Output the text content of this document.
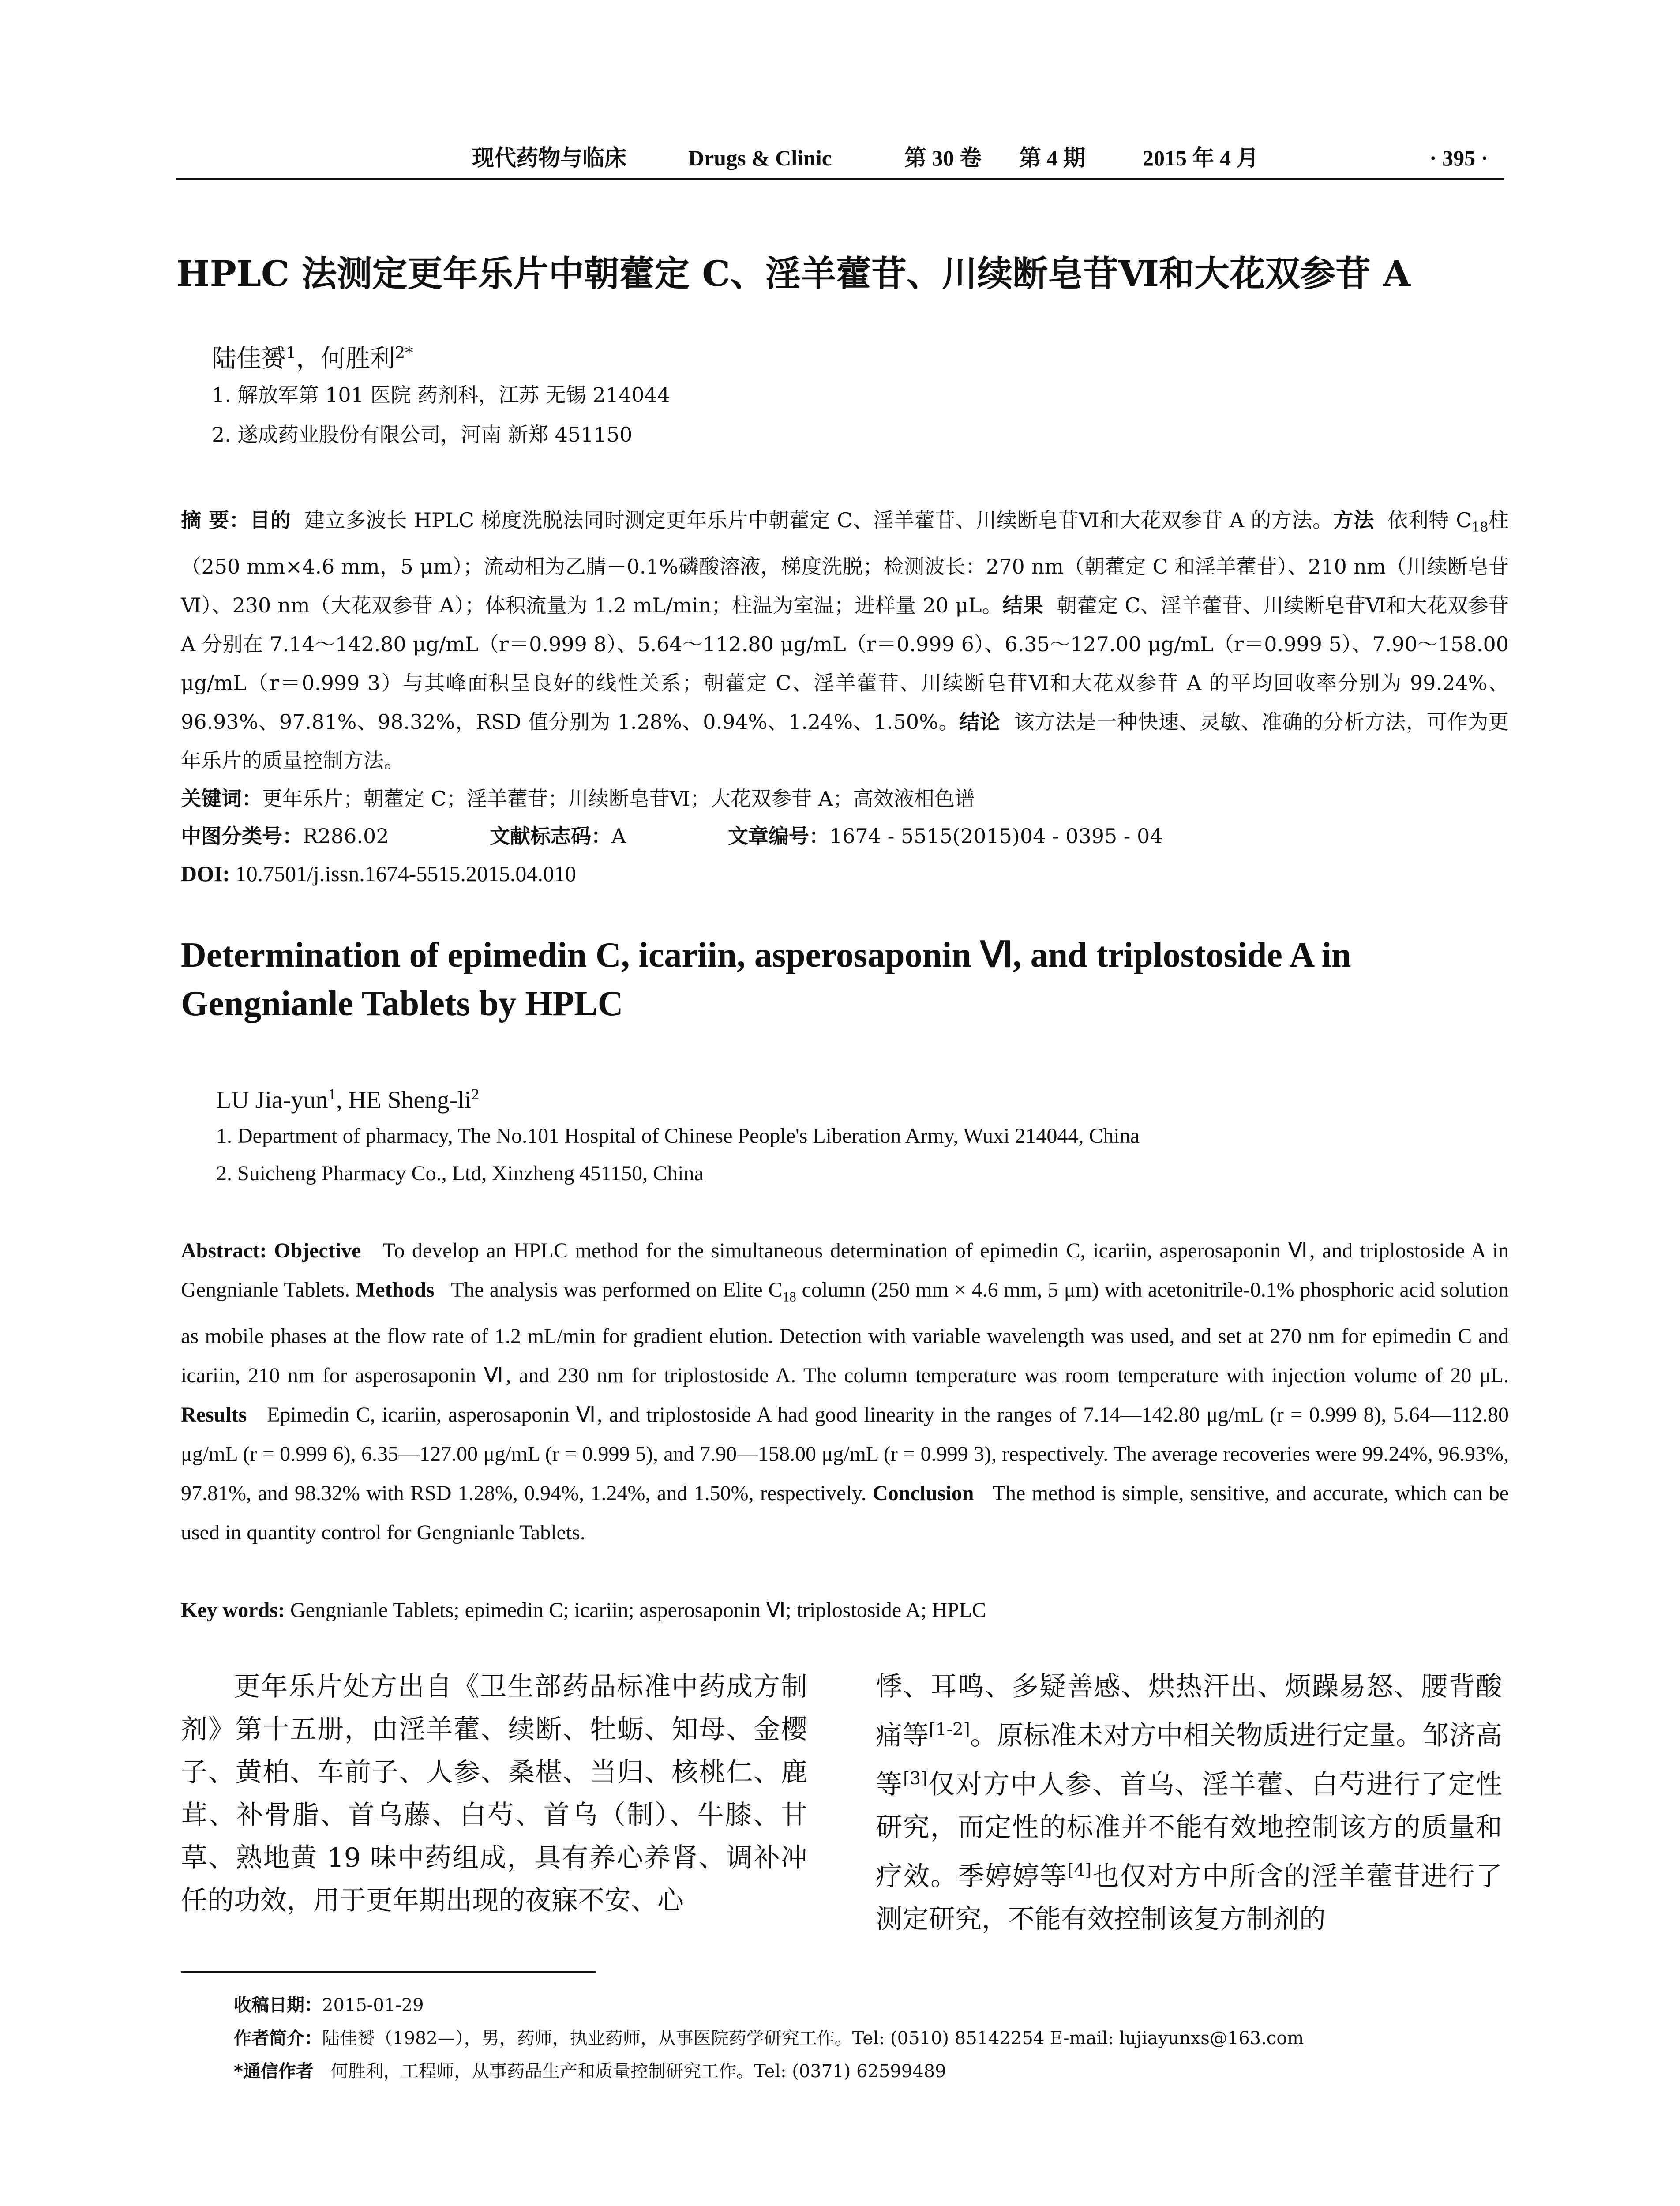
现代药物与临床	Drugs & Clinic	第 30 卷 第 4 期	2015 年 4 月	· 395 ·
HPLC 法测定更年乐片中朝藿定 C、淫羊藿苷、川续断皂苷Ⅵ和大花双参苷 A
陆佳赟$^1$，何胜利$^{2*}$
1. 解放军第 101 医院 药剂科，江苏 无锡 214044
2. 遂成药业股份有限公司，河南 新郑 451150
摘 要：目的 建立多波长 HPLC 梯度洗脱法同时测定更年乐片中朝藿定 C、淫羊藿苷、川续断皂苷Ⅵ和大花双参苷 A 的方法。方法 依利特 $C_{18}$柱（250 mm×4.6 mm，5 μm）；流动相为乙腈－0.1%磷酸溶液，梯度洗脱；检测波长：270 nm（朝藿定 C 和淫羊藿苷）、210 nm（川续断皂苷Ⅵ）、230 nm（大花双参苷 A）；体积流量为 1.2 mL/min；柱温为室温；进样量 20 μL。结果 朝藿定 C、淫羊藿苷、川续断皂苷Ⅵ和大花双参苷 A 分别在 7.14～142.80 μg/mL（r＝0.999 8）、5.64～112.80 μg/mL（r＝0.999 6）、6.35～127.00 μg/mL（r＝0.999 5）、7.90～158.00 μg/mL（r＝0.999 3）与其峰面积呈良好的线性关系；朝藿定 C、淫羊藿苷、川续断皂苷Ⅵ和大花双参苷 A 的平均回收率分别为 99.24%、96.93%、97.81%、98.32%，RSD 值分别为 1.28%、0.94%、1.24%、1.50%。结论 该方法是一种快速、灵敏、准确的分析方法，可作为更年乐片的质量控制方法。
关键词：更年乐片；朝藿定 C；淫羊藿苷；川续断皂苷Ⅵ；大花双参苷 A；高效液相色谱
中图分类号：R286.02	文献标志码：A	文章编号：1674 - 5515(2015)04 - 0395 - 04
DOI: 10.7501/j.issn.1674-5515.2015.04.010
Determination of epimedin C, icariin, asperosaponin Ⅵ, and triplostoside A in Gengnianle Tablets by HPLC
LU Jia-yun$^1$, HE Sheng-$li^2$
1. Department of pharmacy, The No.101 Hospital of Chinese People's Liberation Army, Wuxi 214044, China
2. Suicheng Pharmacy Co., Ltd, Xinzheng 451150, China
Abstract: Objective To develop an HPLC method for the simultaneous determination of epimedin C, icariin, asperosaponin Ⅵ, and triplostoside A in Gengnianle Tablets. Methods The analysis was performed on Elite $C_{18}$ column (250 mm × 4.6 mm, 5 μm) with acetonitrile-0.1% phosphoric acid solution as mobile phases at the flow rate of 1.2 mL/min for gradient elution. Detection with variable wavelength was used, and set at 270 nm for epimedin C and icariin, 210 nm for asperosaponin Ⅵ, and 230 nm for triplostoside A. The column temperature was room temperature with injection volume of 20 μL. Results Epimedin C, icariin, asperosaponin Ⅵ, and triplostoside A had good linearity in the ranges of 7.14—142.80 μg/mL (r = 0.999 8), 5.64—112.80 μg/mL (r = 0.999 6), 6.35—127.00 μg/mL (r = 0.999 5), and 7.90—158.00 μg/mL (r = 0.999 3), respectively. The average recoveries were 99.24%, 96.93%, 97.81%, and 98.32% with RSD 1.28%, 0.94%, 1.24%, and 1.50%, respectively. Conclusion The method is simple, sensitive, and accurate, which can be used in quantity control for Gengnianle Tablets.
Key words: Gengnianle Tablets; epimedin C; icariin; asperosaponin Ⅵ; triplostoside A; HPLC
更年乐片处方出自《卫生部药品标准中药成方制剂》第十五册，由淫羊藿、续断、牡蛎、知母、金樱子、黄柏、车前子、人参、桑椹、当归、核桃仁、鹿茸、补骨脂、首乌藤、白芍、首乌（制）、牛膝、甘草、熟地黄 19 味中药组成，具有养心养肾、调补冲任的功效，用于更年期出现的夜寐不安、心
悸、耳鸣、多疑善感、烘热汗出、烦躁易怒、腰背酸痛等[1-2]。原标准未对方中相关物质进行定量。邹济高等[3]仅对方中人参、首乌、淫羊藿、白芍进行了定性研究，而定性的标准并不能有效地控制该方的质量和疗效。季婷婷等[4]也仅对方中所含的淫羊藿苷进行了测定研究，不能有效控制该复方制剂的
收稿日期：2015-01-29
作者简介：陆佳赟（1982—），男，药师，执业药师，从事医院药学研究工作。Tel: (0510) 85142254 E-mail: lujiayunxs@163.com
*通信作者 何胜利，工程师，从事药品生产和质量控制研究工作。Tel: (0371) 62599489
